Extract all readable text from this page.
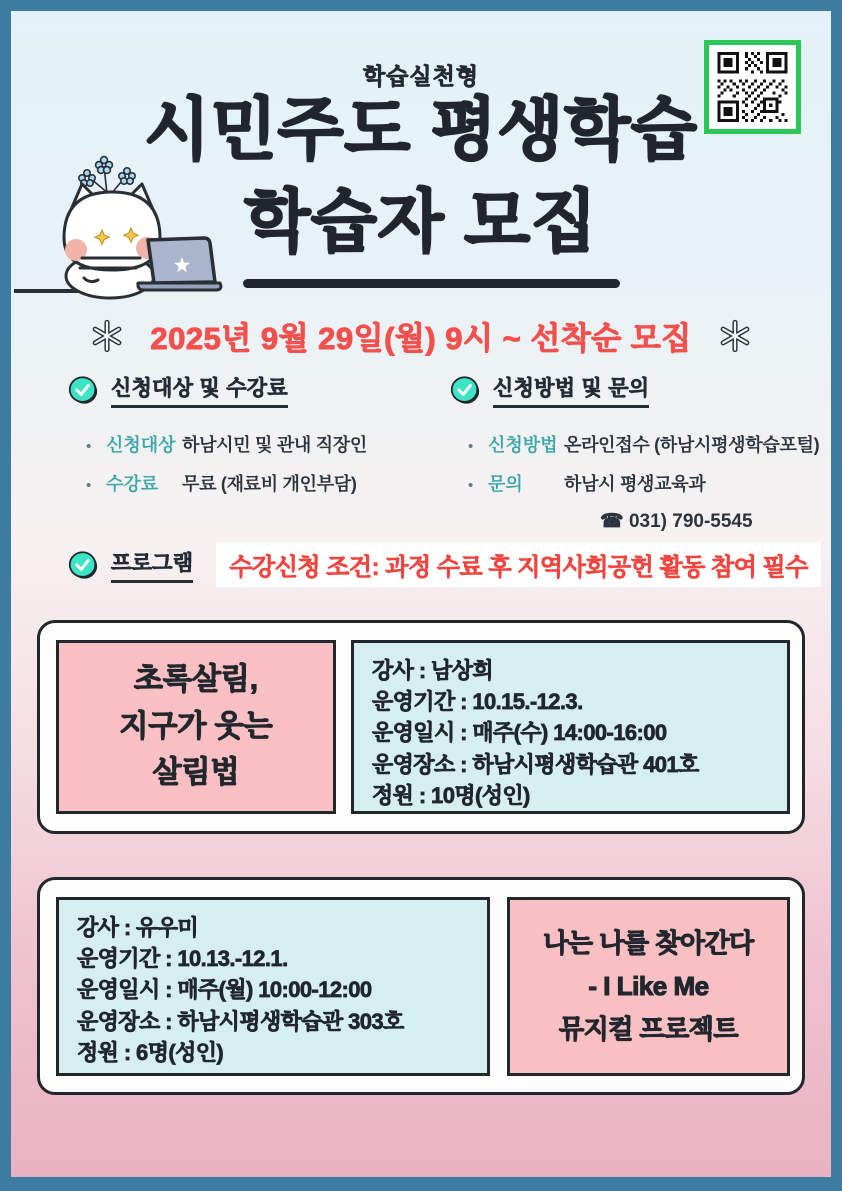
학습실천형
시민주도 평생학습
학습자 모집
2025년 9월 29일(월) 9시 ~ 선착순 모집
신청대상 및 수강료
• 신청대상 하남시민 및 관내 직장인
• 수강료	무료 (재료비 개인부담)
신청방법 및 문의
• 신청방법 온라인접수 (하남시평생학습포털)
• 문의	하남시 평생교육과
☎ 031) 790-5545
프로그램	수강신청 조건: 과정 수료 후 지역사회공헌 활동 참여 필수
초록살림,
지구가 웃는
살림법
강사 : 남상희
운영기간 : 10.15.-12.3.
운영일시 : 매주(수) 14:00-16:00
운영장소 : 하남시평생학습관 401호
정원 : 10명(성인)
강사 : 유우미
운영기간 : 10.13.-12.1.
운영일시 : 매주(월) 10:00-12:00
운영장소 : 하남시평생학습관 303호
정원 : 6명(성인)
나는 나를 찾아간다
- I Like Me
뮤지컬 프로젝트
